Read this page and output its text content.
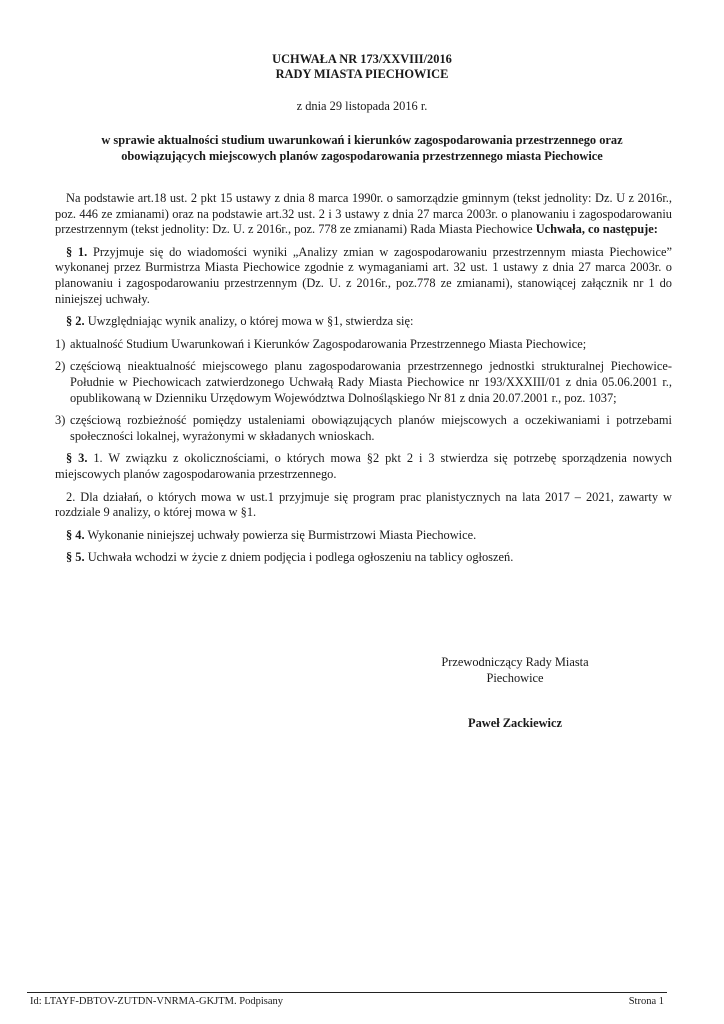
UCHWAŁA NR 173/XXVIII/2016
RADY MIASTA PIECHOWICE
z dnia 29 listopada 2016 r.
w sprawie aktualności studium uwarunkowań i kierunków zagospodarowania przestrzennego oraz obowiązujących miejscowych planów zagospodarowania przestrzennego miasta Piechowice

Na podstawie art.18 ust. 2 pkt 15 ustawy z dnia 8 marca 1990r. o samorządzie gminnym (tekst jednolity: Dz. U z 2016r., poz. 446 ze zmianami) oraz na podstawie art.32 ust. 2 i 3 ustawy z dnia 27 marca 2003r. o planowaniu i zagospodarowaniu przestrzennym (tekst jednolity: Dz. U. z 2016r., poz. 778 ze zmianami) Rada Miasta Piechowice Uchwała, co następuje:

§ 1. Przyjmuje się do wiadomości wyniki „Analizy zmian w zagospodarowaniu przestrzennym miasta Piechowice” wykonanej przez Burmistrza Miasta Piechowice zgodnie z wymaganiami art. 32 ust. 1 ustawy z dnia 27 marca 2003r. o planowaniu i zagospodarowaniu przestrzennym (Dz. U. z 2016r., poz.778 ze zmianami), stanowiącej załącznik nr 1 do niniejszej uchwały.

§ 2. Uwzględniając wynik analizy, o której mowa w §1, stwierdza się:

1) aktualność Studium Uwarunkowań i Kierunków Zagospodarowania Przestrzennego Miasta Piechowice;
2) częściową nieaktualność miejscowego planu zagospodarowania przestrzennego jednostki strukturalnej Piechowice-Południe w Piechowicach zatwierdzonego Uchwałą Rady Miasta Piechowice nr 193/XXXIII/01 z dnia 05.06.2001 r., opublikowaną w Dzienniku Urzędowym Województwa Dolnośląskiego Nr 81 z dnia 20.07.2001 r., poz. 1037;
3) częściową rozbieżność pomiędzy ustaleniami obowiązujących planów miejscowych a oczekiwaniami i potrzebami społeczności lokalnej, wyrażonymi w składanych wnioskach.

§ 3. 1. W związku z okolicznościami, o których mowa §2 pkt 2 i 3 stwierdza się potrzebę sporządzenia nowych miejscowych planów zagospodarowania przestrzennego.

2. Dla działań, o których mowa w ust.1 przyjmuje się program prac planistycznych na lata 2017 – 2021, zawarty w rozdziale 9 analizy, o której mowa w §1.

§ 4. Wykonanie niniejszej uchwały powierza się Burmistrzowi Miasta Piechowice.

§ 5. Uchwała wchodzi w życie z dniem podjęcia i podlega ogłoszeniu na tablicy ogłoszeń.

Przewodniczący Rady Miasta
Piechowice
Paweł Zackiewicz
Id: LTAYF-DBTOV-ZUTDN-VNRMA-GKJTM. Podpisany	Strona 1
